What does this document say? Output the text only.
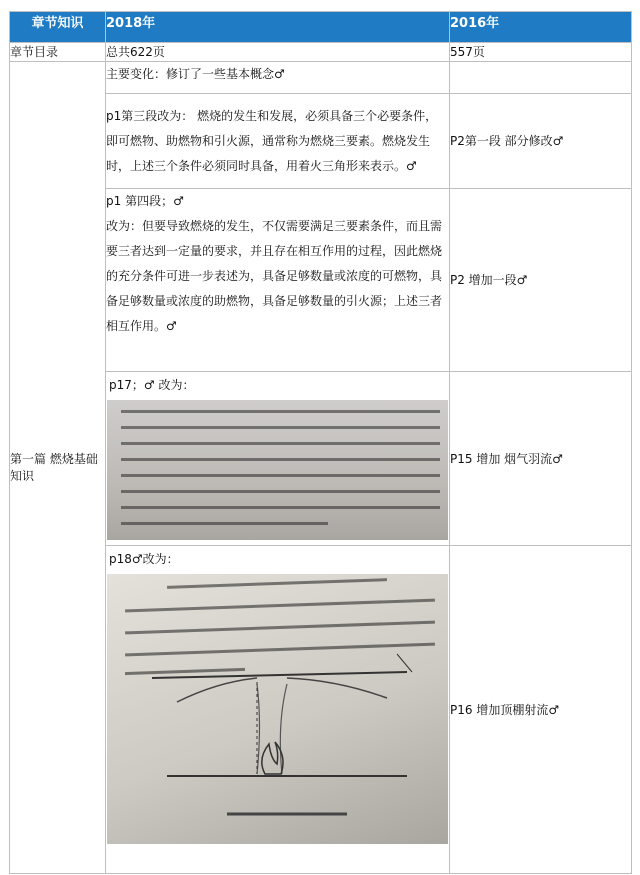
章节知识	2018年	2016年
章节目录	总共622页	557页
第一篇 燃烧基础知识	主要变化：修订了一些基本概念♂	
	p1第三段改为： 燃烧的发生和发展，必须具备三个必要条件，即可燃物、助燃物和引火源，通常称为燃烧三要素。燃烧发生时，上述三个条件必须同时具备，用着火三角形来表示。♂	P2第一段 部分修改♂

	p1 第四段；♂
改为：但要导致燃烧的发生，不仅需要满足三要素条件，而且需要三者达到一定量的要求，并且存在相互作用的过程，因此燃烧的充分条件可进一步表述为，具备足够数量或浓度的可燃物，具备足够数量或浓度的助燃物，具备足够数量的引火源；上述三者相互作用。♂	P2 增加一段♂

	p17；♂ 改为：	P15 增加 烟气羽流♂

	p18♂改为：	P16 增加顶棚射流♂
